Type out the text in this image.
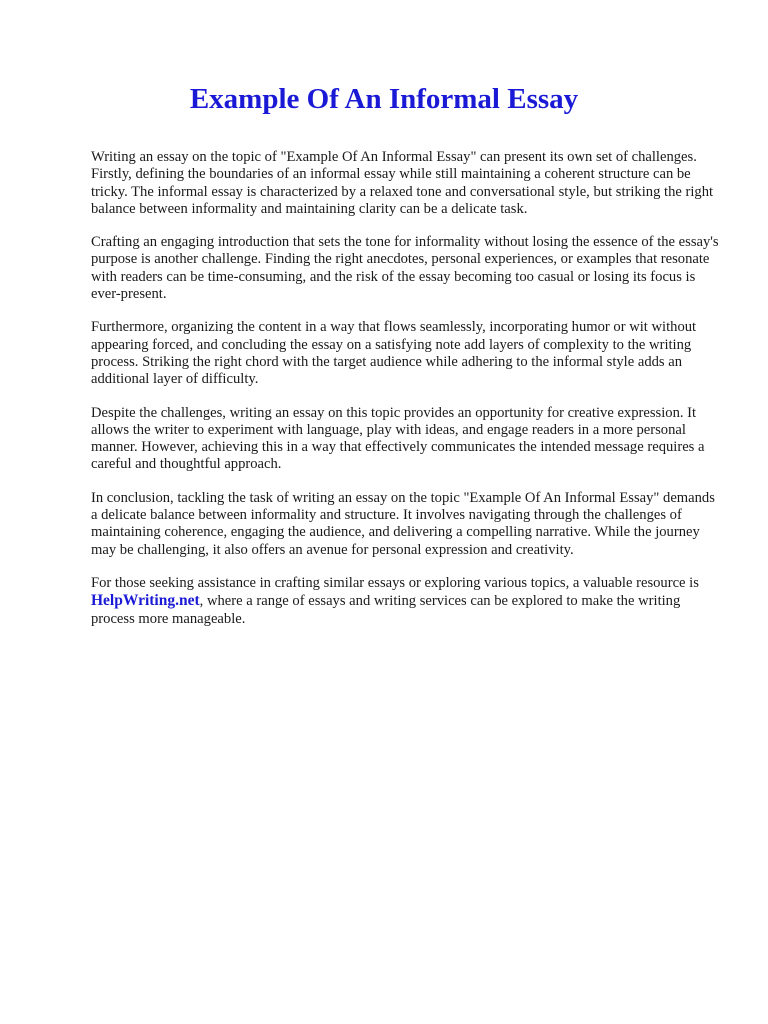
Example Of An Informal Essay

Writing an essay on the topic of "Example Of An Informal Essay" can present its own set of challenges. Firstly, defining the boundaries of an informal essay while still maintaining a coherent structure can be tricky. The informal essay is characterized by a relaxed tone and conversational style, but striking the right balance between informality and maintaining clarity can be a delicate task.

Crafting an engaging introduction that sets the tone for informality without losing the essence of the essay's purpose is another challenge. Finding the right anecdotes, personal experiences, or examples that resonate with readers can be time-consuming, and the risk of the essay becoming too casual or losing its focus is ever-present.

Furthermore, organizing the content in a way that flows seamlessly, incorporating humor or wit without appearing forced, and concluding the essay on a satisfying note add layers of complexity to the writing process. Striking the right chord with the target audience while adhering to the informal style adds an additional layer of difficulty.

Despite the challenges, writing an essay on this topic provides an opportunity for creative expression. It allows the writer to experiment with language, play with ideas, and engage readers in a more personal manner. However, achieving this in a way that effectively communicates the intended message requires a careful and thoughtful approach.

In conclusion, tackling the task of writing an essay on the topic "Example Of An Informal Essay" demands a delicate balance between informality and structure. It involves navigating through the challenges of maintaining coherence, engaging the audience, and delivering a compelling narrative. While the journey may be challenging, it also offers an avenue for personal expression and creativity.

For those seeking assistance in crafting similar essays or exploring various topics, a valuable resource is HelpWriting.net, where a range of essays and writing services can be explored to make the writing process more manageable.
